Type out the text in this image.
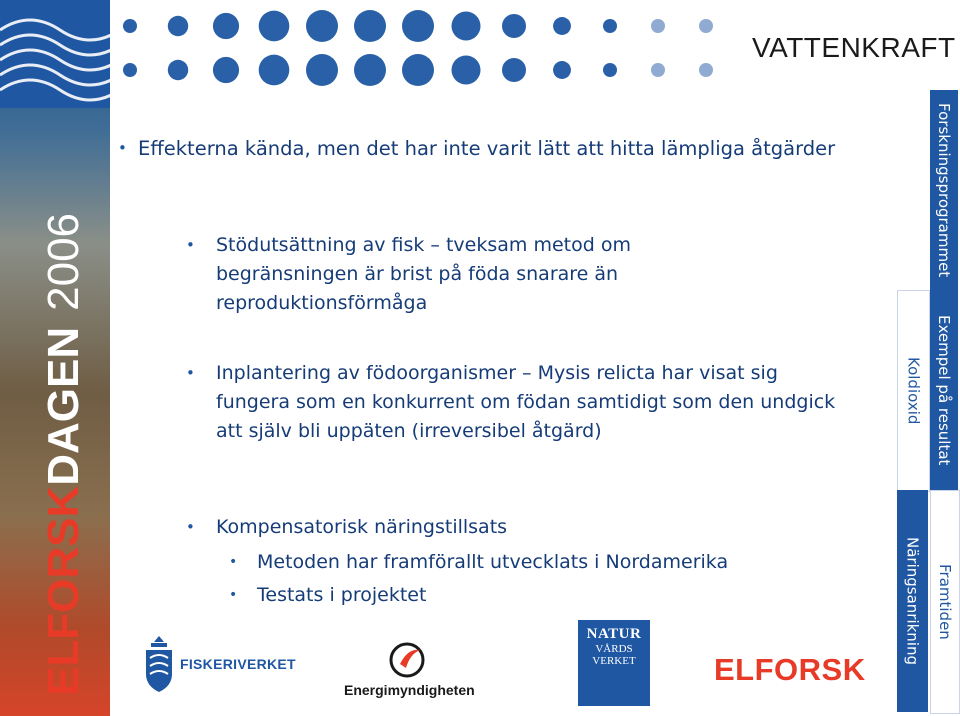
ELFORSKDAGEN2006
VATTENKRAFT
Forskningsprogrammet
Koldioxid Exempel på resultat
Näringsanrikning Framtiden
• Effekterna kända, men det har inte varit lätt att hitta lämpliga åtgärder
• Stödutsättning av fisk – tveksam metod om begränsningen är brist på föda snarare än reproduktionsförmåga
• Inplantering av födoorganismer – Mysis relicta har visat sig fungera som en konkurrent om födan samtidigt som den undgick att själv bli uppäten (irreversibel åtgärd)
• Kompensatorisk näringstillsats
• Metoden har framförallt utvecklats i Nordamerika
• Testats i projektet
FISKERIVERKET
Energimyndigheten
NATUR
VÅRDS
VERKET	ELFORSK
